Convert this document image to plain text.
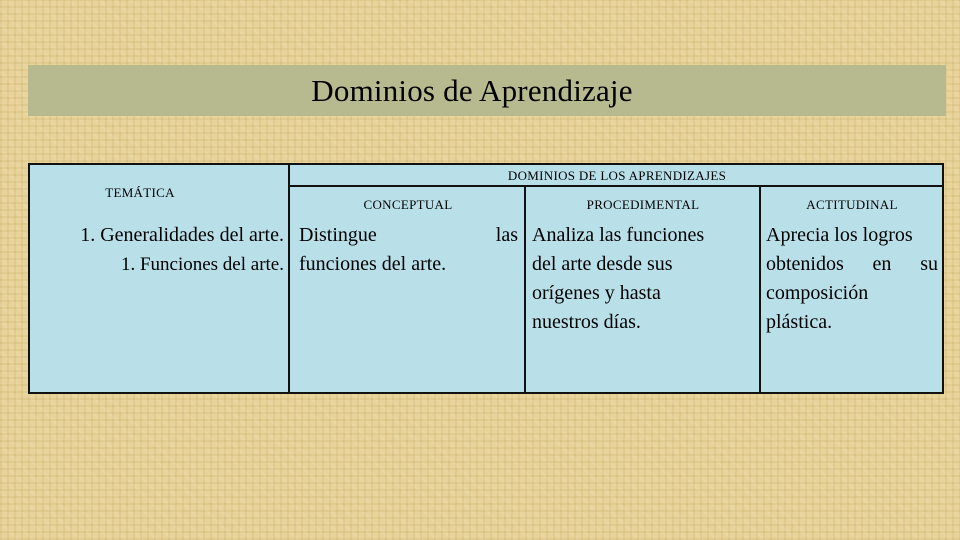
Dominios de Aprendizaje
TEMÁTICA
DOMINIOS DE LOS APRENDIZAJES
CONCEPTUAL	PROCEDIMENTAL	ACTITUDINAL
1. Generalidades del arte.
1. Funciones del arte.
Distingue las
funciones del arte.
Analiza las funciones
del arte desde sus
orígenes y hasta
nuestros días.
Aprecia los logros
obtenidos en su
composición
plástica.
